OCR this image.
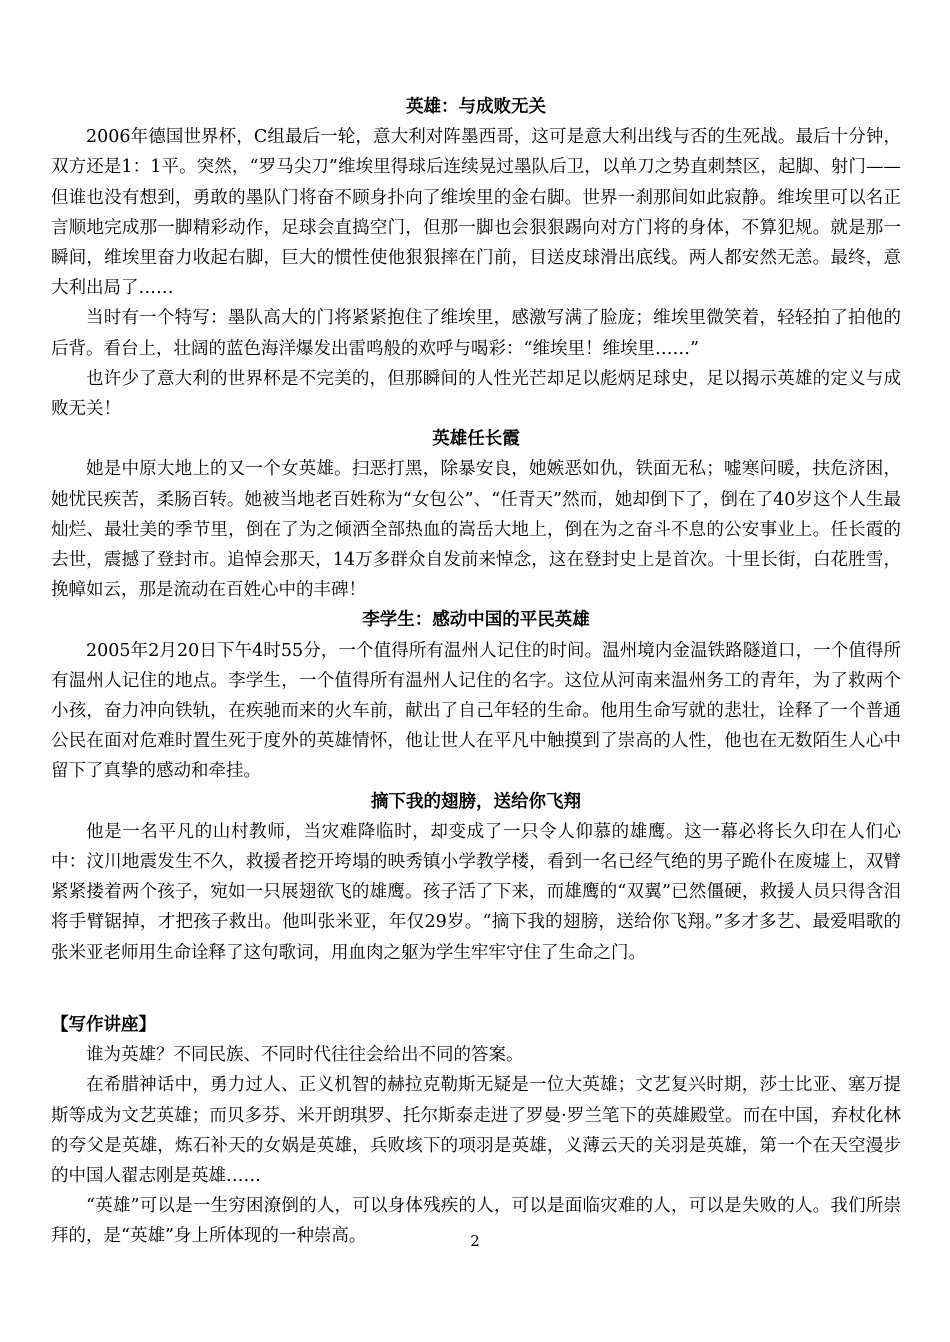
英雄：与成败无关

2006年德国世界杯，C组最后一轮，意大利对阵墨西哥，这可是意大利出线与否的生死战。最后十分钟，双方还是1：1平。突然，“罗马尖刀”维埃里得球后连续晃过墨队后卫，以单刀之势直刺禁区，起脚、射门——但谁也没有想到，勇敢的墨队门将奋不顾身扑向了维埃里的金右脚。世界一刹那间如此寂静。维埃里可以名正言顺地完成那一脚精彩动作，足球会直捣空门，但那一脚也会狠狠踢向对方门将的身体，不算犯规。就是那一瞬间，维埃里奋力收起右脚，巨大的惯性使他狠狠摔在门前，目送皮球滑出底线。两人都安然无恙。最终，意大利出局了……

当时有一个特写：墨队高大的门将紧紧抱住了维埃里，感激写满了脸庞；维埃里微笑着，轻轻拍了拍他的后背。看台上，壮阔的蓝色海洋爆发出雷鸣般的欢呼与喝彩：“维埃里！维埃里……”

也许少了意大利的世界杯是不完美的，但那瞬间的人性光芒却足以彪炳足球史，足以揭示英雄的定义与成败无关！

英雄任长霞

她是中原大地上的又一个女英雄。扫恶打黑，除暴安良，她嫉恶如仇，铁面无私；嘘寒问暖，扶危济困，她忧民疾苦，柔肠百转。她被当地老百姓称为“女包公”、“任青天”然而，她却倒下了，倒在了40岁这个人生最灿烂、最壮美的季节里，倒在了为之倾洒全部热血的嵩岳大地上，倒在为之奋斗不息的公安事业上。任长霞的去世，震撼了登封市。追悼会那天，14万多群众自发前来悼念，这在登封史上是首次。十里长街，白花胜雪，挽幛如云，那是流动在百姓心中的丰碑！

李学生：感动中国的平民英雄

2005年2月20日下午4时55分，一个值得所有温州人记住的时间。温州境内金温铁路隧道口，一个值得所有温州人记住的地点。李学生，一个值得所有温州人记住的名字。这位从河南来温州务工的青年，为了救两个小孩，奋力冲向铁轨，在疾驰而来的火车前，献出了自己年轻的生命。他用生命写就的悲壮，诠释了一个普通公民在面对危难时置生死于度外的英雄情怀，他让世人在平凡中触摸到了崇高的人性，他也在无数陌生人心中留下了真挚的感动和牵挂。

摘下我的翅膀，送给你飞翔

他是一名平凡的山村教师，当灾难降临时，却变成了一只令人仰慕的雄鹰。这一幕必将长久印在人们心中：汶川地震发生不久，救援者挖开垮塌的映秀镇小学教学楼，看到一名已经气绝的男子跪仆在废墟上，双臂紧紧搂着两个孩子，宛如一只展翅欲飞的雄鹰。孩子活了下来，而雄鹰的“双翼”已然僵硬，救援人员只得含泪将手臂锯掉，才把孩子救出。他叫张米亚，年仅29岁。“摘下我的翅膀，送给你飞翔。”多才多艺、最爱唱歌的张米亚老师用生命诠释了这句歌词，用血肉之躯为学生牢牢守住了生命之门。

【写作讲座】

谁为英雄？不同民族、不同时代往往会给出不同的答案。

在希腊神话中，勇力过人、正义机智的赫拉克勒斯无疑是一位大英雄；文艺复兴时期，莎士比亚、塞万提斯等成为文艺英雄；而贝多芬、米开朗琪罗、托尔斯泰走进了罗曼·罗兰笔下的英雄殿堂。而在中国，弃杖化林的夸父是英雄，炼石补天的女娲是英雄，兵败垓下的项羽是英雄，义薄云天的关羽是英雄，第一个在天空漫步的中国人翟志刚是英雄……

“英雄”可以是一生穷困潦倒的人，可以身体残疾的人，可以是面临灾难的人，可以是失败的人。我们所崇拜的，是“英雄”身上所体现的一种崇高。	2
